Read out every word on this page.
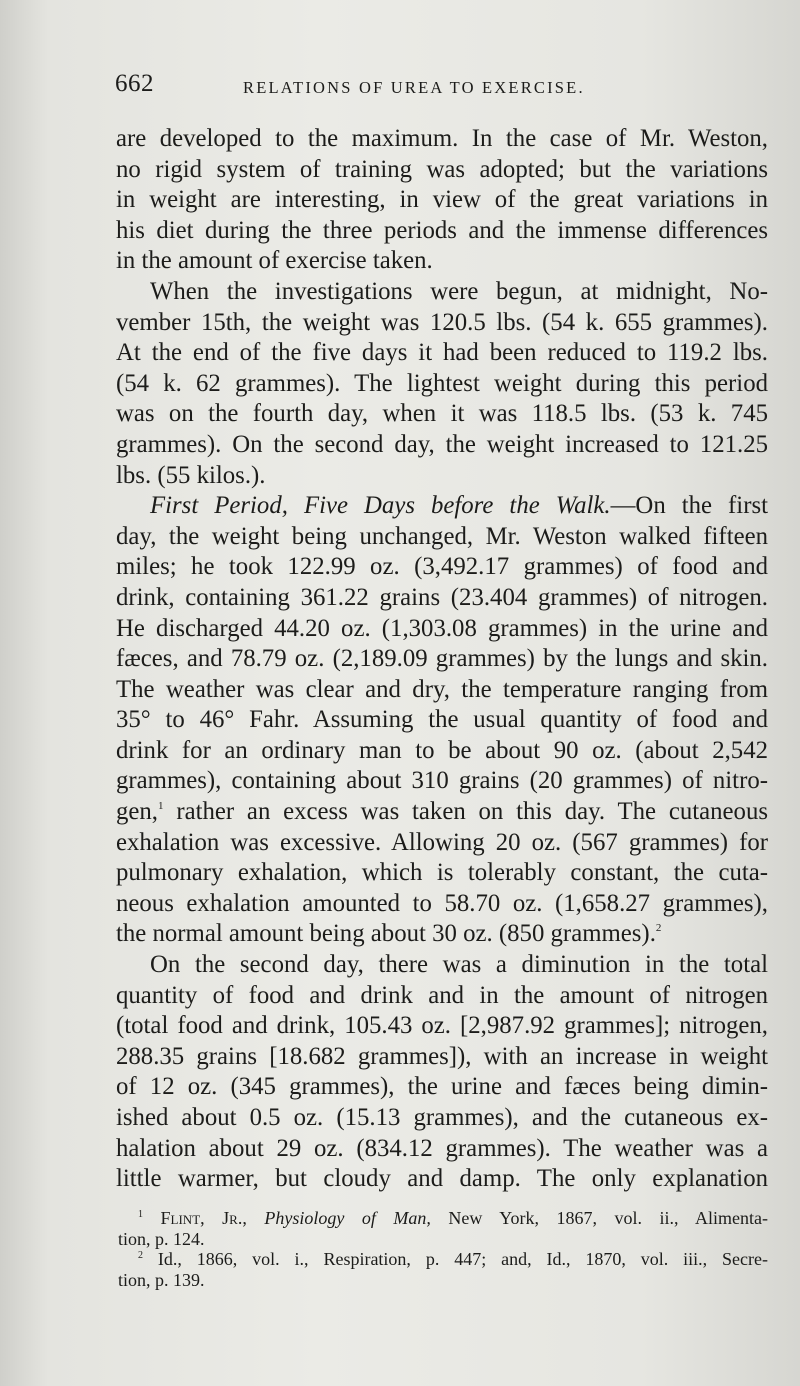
662	RELATIONS OF UREA TO EXERCISE.
are developed to the maximum. In the case of Mr. Weston,
no rigid system of training was adopted; but the variations
in weight are interesting, in view of the great variations in
his diet during the three periods and the immense differences
in the amount of exercise taken.
When the investigations were begun, at midnight, No-
vember 15th, the weight was 120.5 lbs. (54 k. 655 grammes).
At the end of the five days it had been reduced to 119.2 lbs.
(54 k. 62 grammes). The lightest weight during this period
was on the fourth day, when it was 118.5 lbs. (53 k. 745
grammes). On the second day, the weight increased to 121.25
lbs. (55 kilos.).
First Period, Five Days before the Walk.—On the first
day, the weight being unchanged, Mr. Weston walked fifteen
miles; he took 122.99 oz. (3,492.17 grammes) of food and
drink, containing 361.22 grains (23.404 grammes) of nitrogen.
He discharged 44.20 oz. (1,303.08 grammes) in the urine and
fæces, and 78.79 oz. (2,189.09 grammes) by the lungs and skin.
The weather was clear and dry, the temperature ranging from
35° to 46° Fahr. Assuming the usual quantity of food and
drink for an ordinary man to be about 90 oz. (about 2,542
grammes), containing about 310 grains (20 grammes) of nitro-
gen,$^1$ rather an excess was taken on this day. The cutaneous
exhalation was excessive. Allowing 20 oz. (567 grammes) for
pulmonary exhalation, which is tolerably constant, the cuta-
neous exhalation amounted to 58.70 oz. (1,658.27 grammes),
the normal amount being about 30 oz. (850 grammes).$^2$
On the second day, there was a diminution in the total
quantity of food and drink and in the amount of nitrogen
(total food and drink, 105.43 oz. [2,987.92 grammes]; nitrogen,
288.35 grains [18.682 grammes]), with an increase in weight
of 12 oz. (345 grammes), the urine and fæces being dimin-
ished about 0.5 oz. (15.13 grammes), and the cutaneous ex-
halation about 29 oz. (834.12 grammes). The weather was a
little warmer, but cloudy and damp. The only explanation
$^1$ Flint, Jr., Physiology of Man, New York, 1867, vol. ii., Alimenta-
tion, p. 124.
$^2$ Id., 1866, vol. i., Respiration, p. 447; and, Id., 1870, vol. iii., Secre-
tion, p. 139.
